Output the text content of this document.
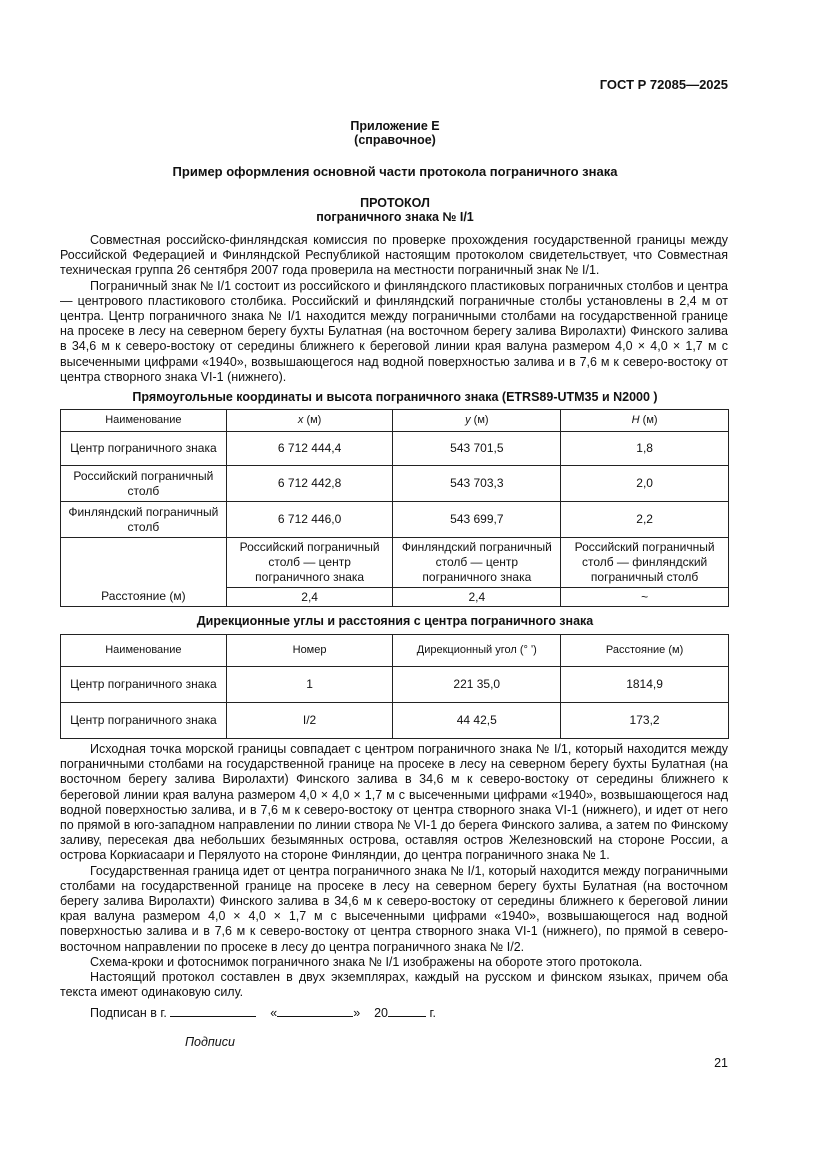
ГОСТ Р 72085—2025
Приложение Е
(справочное)
Пример оформления основной части протокола пограничного знака
ПРОТОКОЛ
пограничного знака № I/1

Совместная российско-финляндская комиссия по проверке прохождения государственной границы между Российской Федерацией и Финляндской Республикой настоящим протоколом свидетельствует, что Совместная техническая группа 26 сентября 2007 года проверила на местности пограничный знак № I/1.

Пограничный знак № I/1 состоит из российского и финляндского пластиковых пограничных столбов и центра — центрового пластикового столбика. Российский и финляндский пограничные столбы установлены в 2,4 м от центра. Центр пограничного знака № I/1 находится между пограничными столбами на государственной границе на просеке в лесу на северном берегу бухты Булатная (на восточном берегу залива Виролахти) Финского залива в 34,6 м к северо-востоку от середины ближнего к береговой линии края валуна размером 4,0 × 4,0 × 1,7 м с высеченными цифрами «1940», возвышающегося над водной поверхностью залива и в 7,6 м к северо-востоку от центра створного знака VI-1 (нижнего).

Прямоугольные координаты и высота пограничного знака (ETRS89-UTM35 и N2000 )
Наименование	x (м)	y (м)	H (м)
Центр пограничного знака	6 712 444,4	543 701,5	1,8
Российский пограничный столб	6 712 442,8	543 703,3	2,0
Финляндский пограничный столб	6 712 446,0	543 699,7	2,2
Расстояние (м)	Российский пограничный столб — центр пограничного знака	Финляндский пограничный столб — центр пограничного знака	Российский пограничный столб — финляндский пограничный столб
	2,4	2,4	~
Дирекционные углы и расстояния с центра пограничного знака
Наименование	Номер	Дирекционный угол (° ʹ)	Расстояние (м)
Центр пограничного знака	1	221 35,0	1814,9
Центр пограничного знака	I/2	44 42,5	173,2

Исходная точка морской границы совпадает с центром пограничного знака № I/1, который находится между пограничными столбами на государственной границе на просеке в лесу на северном берегу бухты Булатная (на восточном берегу залива Виролахти) Финского залива в 34,6 м к северо-востоку от середины ближнего к береговой линии края валуна размером 4,0 × 4,0 × 1,7 м с высеченными цифрами «1940», возвышающегося над водной поверхностью залива, и в 7,6 м к северо-востоку от центра створного знака VI-1 (нижнего), и идет от него по прямой в юго-западном направлении по линии створа № VI-1 до берега Финского залива, а затем по Финскому заливу, пересекая два небольших безымянных острова, оставляя остров Железновский на стороне России, а острова Коркиасаари и Перялуото на стороне Финляндии, до центра пограничного знака № 1.

Государственная граница идет от центра пограничного знака № I/1, который находится между пограничными столбами на государственной границе на просеке в лесу на северном берегу бухты Булатная (на восточном берегу залива Виролахти) Финского залива в 34,6 м к северо-востоку от середины ближнего к береговой линии края валуна размером 4,0 × 4,0 × 1,7 м с высеченными цифрами «1940», возвышающегося над водной поверхностью залива и в 7,6 м к северо-востоку от центра створного знака VI-1 (нижнего), по прямой в северо-восточном направлении по просеке в лесу до центра пограничного знака № I/2.

Схема-кроки и фотоснимок пограничного знака № I/1 изображены на обороте этого протокола.

Настоящий протокол составлен в двух экземплярах, каждый на русском и финском языках, причем оба текста имеют одинаковую силу.

Подписан в г.	«	» 20	г.
Подписи
21
